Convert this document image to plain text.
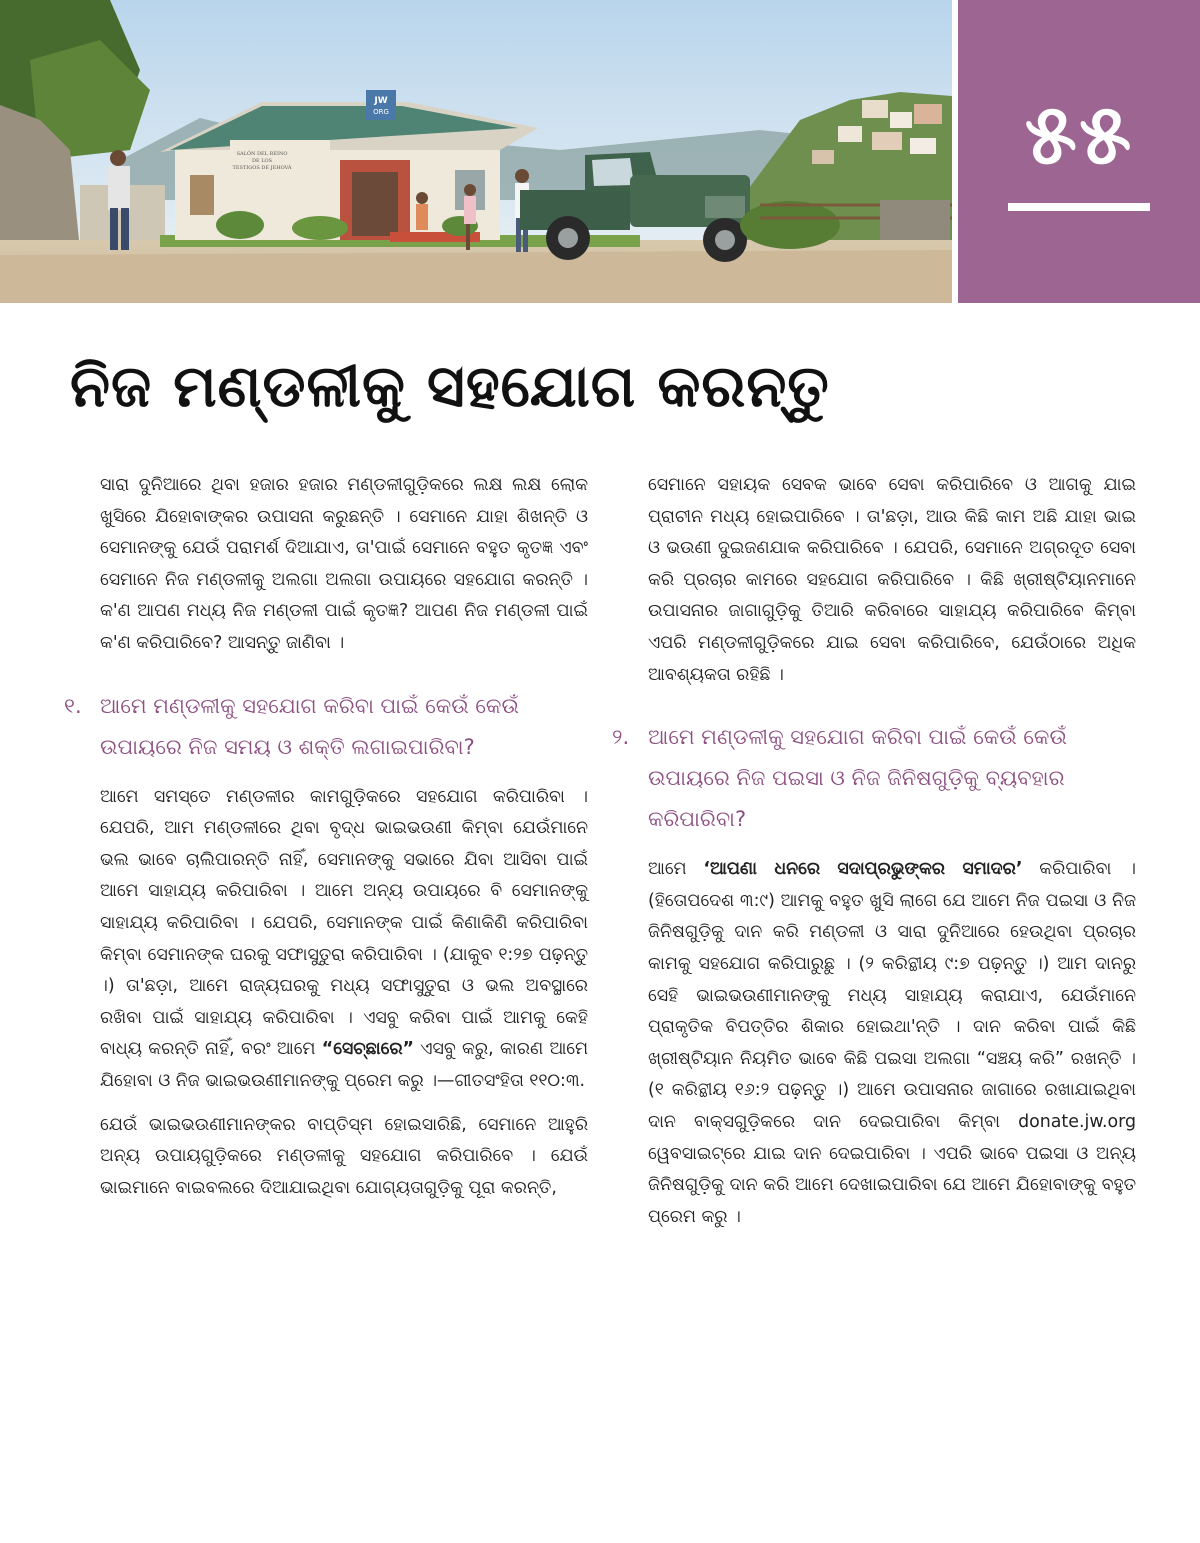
JW
ORG
SALÓN DEL REINO
DE LOS
TESTIGOS DE JEHOVÁ	୫୫
ନିଜ ମଣ୍ଡଳୀକୁ ସହଯୋଗ କରନ୍ତୁ

ସାରା ଦୁନିଆରେ ଥିବା ହଜାର ହଜାର ମଣ୍ଡଳୀଗୁଡ଼ିକରେ ଲକ୍ଷ ଲକ୍ଷ ଲୋକ ଖୁସିରେ ଯିହୋବାଙ୍କର ଉପାସନା କରୁଛନ୍ତି । ସେମାନେ ଯାହା ଶିଖନ୍ତି ଓ ସେମାନଙ୍କୁ ଯେଉଁ ପରାମର୍ଶ ଦିଆଯାଏ, ତା'ପାଇଁ ସେମାନେ ବହୁତ କୃତଜ୍ଞ ଏବଂ ସେମାନେ ନିଜ ମଣ୍ଡଳୀକୁ ଅଲଗା ଅଲଗା ଉପାୟରେ ସହଯୋଗ କରନ୍ତି । କ'ଣ ଆପଣ ମଧ୍ୟ ନିଜ ମଣ୍ଡଳୀ ପାଇଁ କୃତଜ୍ଞ? ଆପଣ ନିଜ ମଣ୍ଡଳୀ ପାଇଁ କ'ଣ କରିପାରିବେ? ଆସନ୍ତୁ ଜାଣିବା ।

୧. ଆମେ ମଣ୍ଡଳୀକୁ ସହଯୋଗ କରିବା ପାଇଁ କେଉଁ କେଉଁ ଉପାୟରେ ନିଜ ସମୟ ଓ ଶକ୍ତି ଲଗାଇପାରିବା?

ଆମେ ସମସ୍ତେ ମଣ୍ଡଳୀର କାମଗୁଡ଼ିକରେ ସହଯୋଗ କରିପାରିବା । ଯେପରି, ଆମ ମଣ୍ଡଳୀରେ ଥିବା ବୃଦ୍ଧ ଭାଇଭଉଣୀ କିମ୍ବା ଯେଉଁମାନେ ଭଲ ଭାବେ ଚାଲିପାରନ୍ତି ନାହିଁ, ସେମାନଙ୍କୁ ସଭାରେ ଯିବା ଆସିବା ପାଇଁ ଆମେ ସାହାଯ୍ୟ କରିପାରିବା । ଆମେ ଅନ୍ୟ ଉପାୟରେ ବି ସେମାନଙ୍କୁ ସାହାଯ୍ୟ କରିପାରିବା । ଯେପରି, ସେମାନଙ୍କ ପାଇଁ କିଣାକିଣି କରିପାରିବା କିମ୍ବା ସେମାନଙ୍କ ଘରକୁ ସଫାସୁତୁରା କରିପାରିବା । (ଯାକୁବ ୧:୨୭ ପଢ଼ନ୍ତୁ ।) ତା'ଛଡ଼ା, ଆମେ ରାଜ୍ୟଘରକୁ ମଧ୍ୟ ସଫାସୁତୁରା ଓ ଭଲ ଅବସ୍ଥାରେ ରଖିବା ପାଇଁ ସାହାଯ୍ୟ କରିପାରିବା । ଏସବୁ କରିବା ପାଇଁ ଆମକୁ କେହି ବାଧ୍ୟ କରନ୍ତି ନାହିଁ, ବରଂ ଆମେ “ସେଚ୍ଛାରେ” ଏସବୁ କରୁ, କାରଣ ଆମେ ଯିହୋବା ଓ ନିଜ ଭାଇଭଉଣୀମାନଙ୍କୁ ପ୍ରେମ କରୁ ।—ଗୀତସଂହିତା ୧୧୦:୩.

ଯେଉଁ ଭାଇଭଉଣୀମାନଙ୍କର ବାପ୍ତିସ୍ମ ହୋଇସାରିଛି, ସେମାନେ ଆହୁରି ଅନ୍ୟ ଉପାୟଗୁଡ଼ିକରେ ମଣ୍ଡଳୀକୁ ସହଯୋଗ କରିପାରିବେ । ଯେଉଁ ଭାଇମାନେ ବାଇବଲରେ ଦିଆଯାଇଥିବା ଯୋଗ୍ୟତାଗୁଡ଼ିକୁ ପୂରା କରନ୍ତି,

ସେମାନେ ସହାୟକ ସେବକ ଭାବେ ସେବା କରିପାରିବେ ଓ ଆଗକୁ ଯାଇ ପ୍ରାଚୀନ ମଧ୍ୟ ହୋଇପାରିବେ । ତା'ଛଡ଼ା, ଆଉ କିଛି କାମ ଅଛି ଯାହା ଭାଇ ଓ ଭଉଣୀ ଦୁଇଜଣଯାକ କରିପାରିବେ । ଯେପରି, ସେମାନେ ଅଗ୍ରଦୂତ ସେବା କରି ପ୍ରଚାର କାମରେ ସହଯୋଗ କରିପାରିବେ । କିଛି ଖ୍ରୀଷ୍ଟିୟାନମାନେ ଉପାସନାର ଜାଗାଗୁଡ଼ିକୁ ତିଆରି କରିବାରେ ସାହାଯ୍ୟ କରିପାରିବେ କିମ୍ବା ଏପରି ମଣ୍ଡଳୀଗୁଡ଼ିକରେ ଯାଇ ସେବା କରିପାରିବେ, ଯେଉଁଠାରେ ଅଧିକ ଆବଶ୍ୟକତା ରହିଛି ।

୨. ଆମେ ମଣ୍ଡଳୀକୁ ସହଯୋଗ କରିବା ପାଇଁ କେଉଁ କେଉଁ ଉପାୟରେ ନିଜ ପଇସା ଓ ନିଜ ଜିନିଷଗୁଡ଼ିକୁ ବ୍ୟବହାର କରିପାରିବା?

ଆମେ ‘ଆପଣା ଧନରେ ସଦାପ୍ରଭୁଙ୍କର ସମାଦର’ କରିପାରିବା । (ହିତୋପଦେଶ ୩:୯) ଆମକୁ ବହୁତ ଖୁସି ଲାଗେ ଯେ ଆମେ ନିଜ ପଇସା ଓ ନିଜ ଜିନିଷଗୁଡ଼ିକୁ ଦାନ କରି ମଣ୍ଡଳୀ ଓ ସାରା ଦୁନିଆରେ ହେଉଥିବା ପ୍ରଚାର କାମକୁ ସହଯୋଗ କରିପାରୁଛୁ । (୨ କରିନ୍ଥୀୟ ୯:୭ ପଢ଼ନ୍ତୁ ।) ଆମ ଦାନରୁ ସେହି ଭାଇଭଉଣୀମାନଙ୍କୁ ମଧ୍ୟ ସାହାଯ୍ୟ କରାଯାଏ, ଯେଉଁମାନେ ପ୍ରାକୃତିକ ବିପତ୍ତିର ଶିକାର ହୋଇଥା'ନ୍ତି । ଦାନ କରିବା ପାଇଁ କିଛି ଖ୍ରୀଷ୍ଟିୟାନ ନିୟମିତ ଭାବେ କିଛି ପଇସା ଅଲଗା “ସଞ୍ଚୟ କରି” ରଖନ୍ତି । (୧ କରିନ୍ଥୀୟ ୧୬:୨ ପଢ଼ନ୍ତୁ ।) ଆମେ ଉପାସନାର ଜାଗାରେ ରଖାଯାଇଥିବା ଦାନ ବାକ୍ସଗୁଡ଼ିକରେ ଦାନ ଦେଇପାରିବା କିମ୍ବା donate.jw.org ୱେବସାଇଟ୍‌ରେ ଯାଇ ଦାନ ଦେଇପାରିବା । ଏପରି ଭାବେ ପଇସା ଓ ଅନ୍ୟ ଜିନିଷଗୁଡ଼ିକୁ ଦାନ କରି ଆମେ ଦେଖାଇପାରିବା ଯେ ଆମେ ଯିହୋବାଙ୍କୁ ବହୁତ ପ୍ରେମ କରୁ ।
